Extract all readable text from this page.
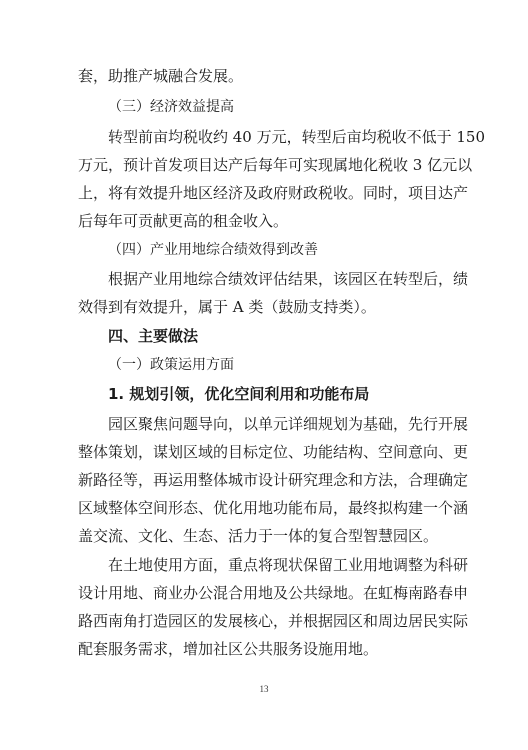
套，助推产城融合发展。
（三）经济效益提高
转型前亩均税收约 40 万元，转型后亩均税收不低于 150
万元，预计首发项目达产后每年可实现属地化税收 3 亿元以
上，将有效提升地区经济及政府财政税收。同时，项目达产
后每年可贡献更高的租金收入。
（四）产业用地综合绩效得到改善
根据产业用地综合绩效评估结果，该园区在转型后，绩
效得到有效提升，属于 A 类（鼓励支持类）。
四、主要做法
（一）政策运用方面
1. 规划引领，优化空间利用和功能布局
园区聚焦问题导向，以单元详细规划为基础，先行开展
整体策划，谋划区域的目标定位、功能结构、空间意向、更
新路径等，再运用整体城市设计研究理念和方法，合理确定
区域整体空间形态、优化用地功能布局，最终拟构建一个涵
盖交流、文化、生态、活力于一体的复合型智慧园区。
在土地使用方面，重点将现状保留工业用地调整为科研
设计用地、商业办公混合用地及公共绿地。在虹梅南路春申
路西南角打造园区的发展核心，并根据园区和周边居民实际
配套服务需求，增加社区公共服务设施用地。
13
